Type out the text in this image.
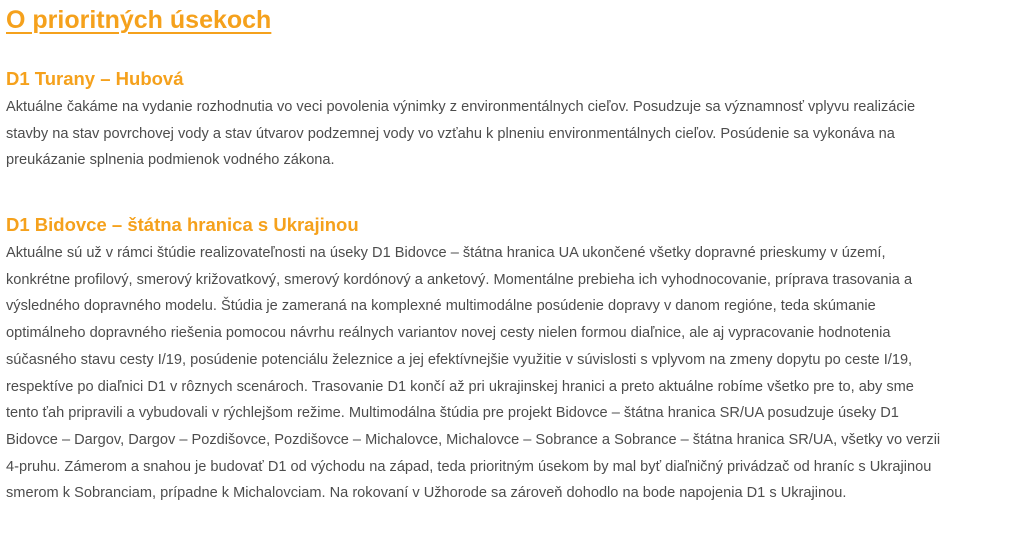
O prioritných úsekoch
D1 Turany – Hubová
Aktuálne čakáme na vydanie rozhodnutia vo veci povolenia výnimky z environmentálnych cieľov. Posudzuje sa významnosť vplyvu realizácie
stavby na stav povrchovej vody a stav útvarov podzemnej vody vo vzťahu k plneniu environmentálnych cieľov. Posúdenie sa vykonáva na
preukázanie splnenia podmienok vodného zákona.
D1 Bidovce – štátna hranica s Ukrajinou
Aktuálne sú už v rámci štúdie realizovateľnosti na úseky D1 Bidovce – štátna hranica UA ukončené všetky dopravné prieskumy v území,
konkrétne profilový, smerový križovatkový, smerový kordónový a anketový. Momentálne prebieha ich vyhodnocovanie, príprava trasovania a
výsledného dopravného modelu. Štúdia je zameraná na komplexné multimodálne posúdenie dopravy v danom regióne, teda skúmanie
optimálneho dopravného riešenia pomocou návrhu reálnych variantov novej cesty nielen formou diaľnice, ale aj vypracovanie hodnotenia
súčasného stavu cesty I/19, posúdenie potenciálu železnice a jej efektívnejšie využitie v súvislosti s vplyvom na zmeny dopytu po ceste I/19,
respektíve po diaľnici D1 v rôznych scenároch. Trasovanie D1 končí až pri ukrajinskej hranici a preto aktuálne robíme všetko pre to, aby sme
tento ťah pripravili a vybudovali v rýchlejšom režime. Multimodálna štúdia pre projekt Bidovce – štátna hranica SR/UA posudzuje úseky D1
Bidovce – Dargov, Dargov – Pozdišovce, Pozdišovce – Michalovce, Michalovce – Sobrance a Sobrance – štátna hranica SR/UA, všetky vo verzii
4-pruhu. Zámerom a snahou je budovať D1 od východu na západ, teda prioritným úsekom by mal byť diaľničný privádzač od hraníc s Ukrajinou
smerom k Sobranciam, prípadne k Michalovciam. Na rokovaní v Užhorode sa zároveň dohodlo na bode napojenia D1 s Ukrajinou.
